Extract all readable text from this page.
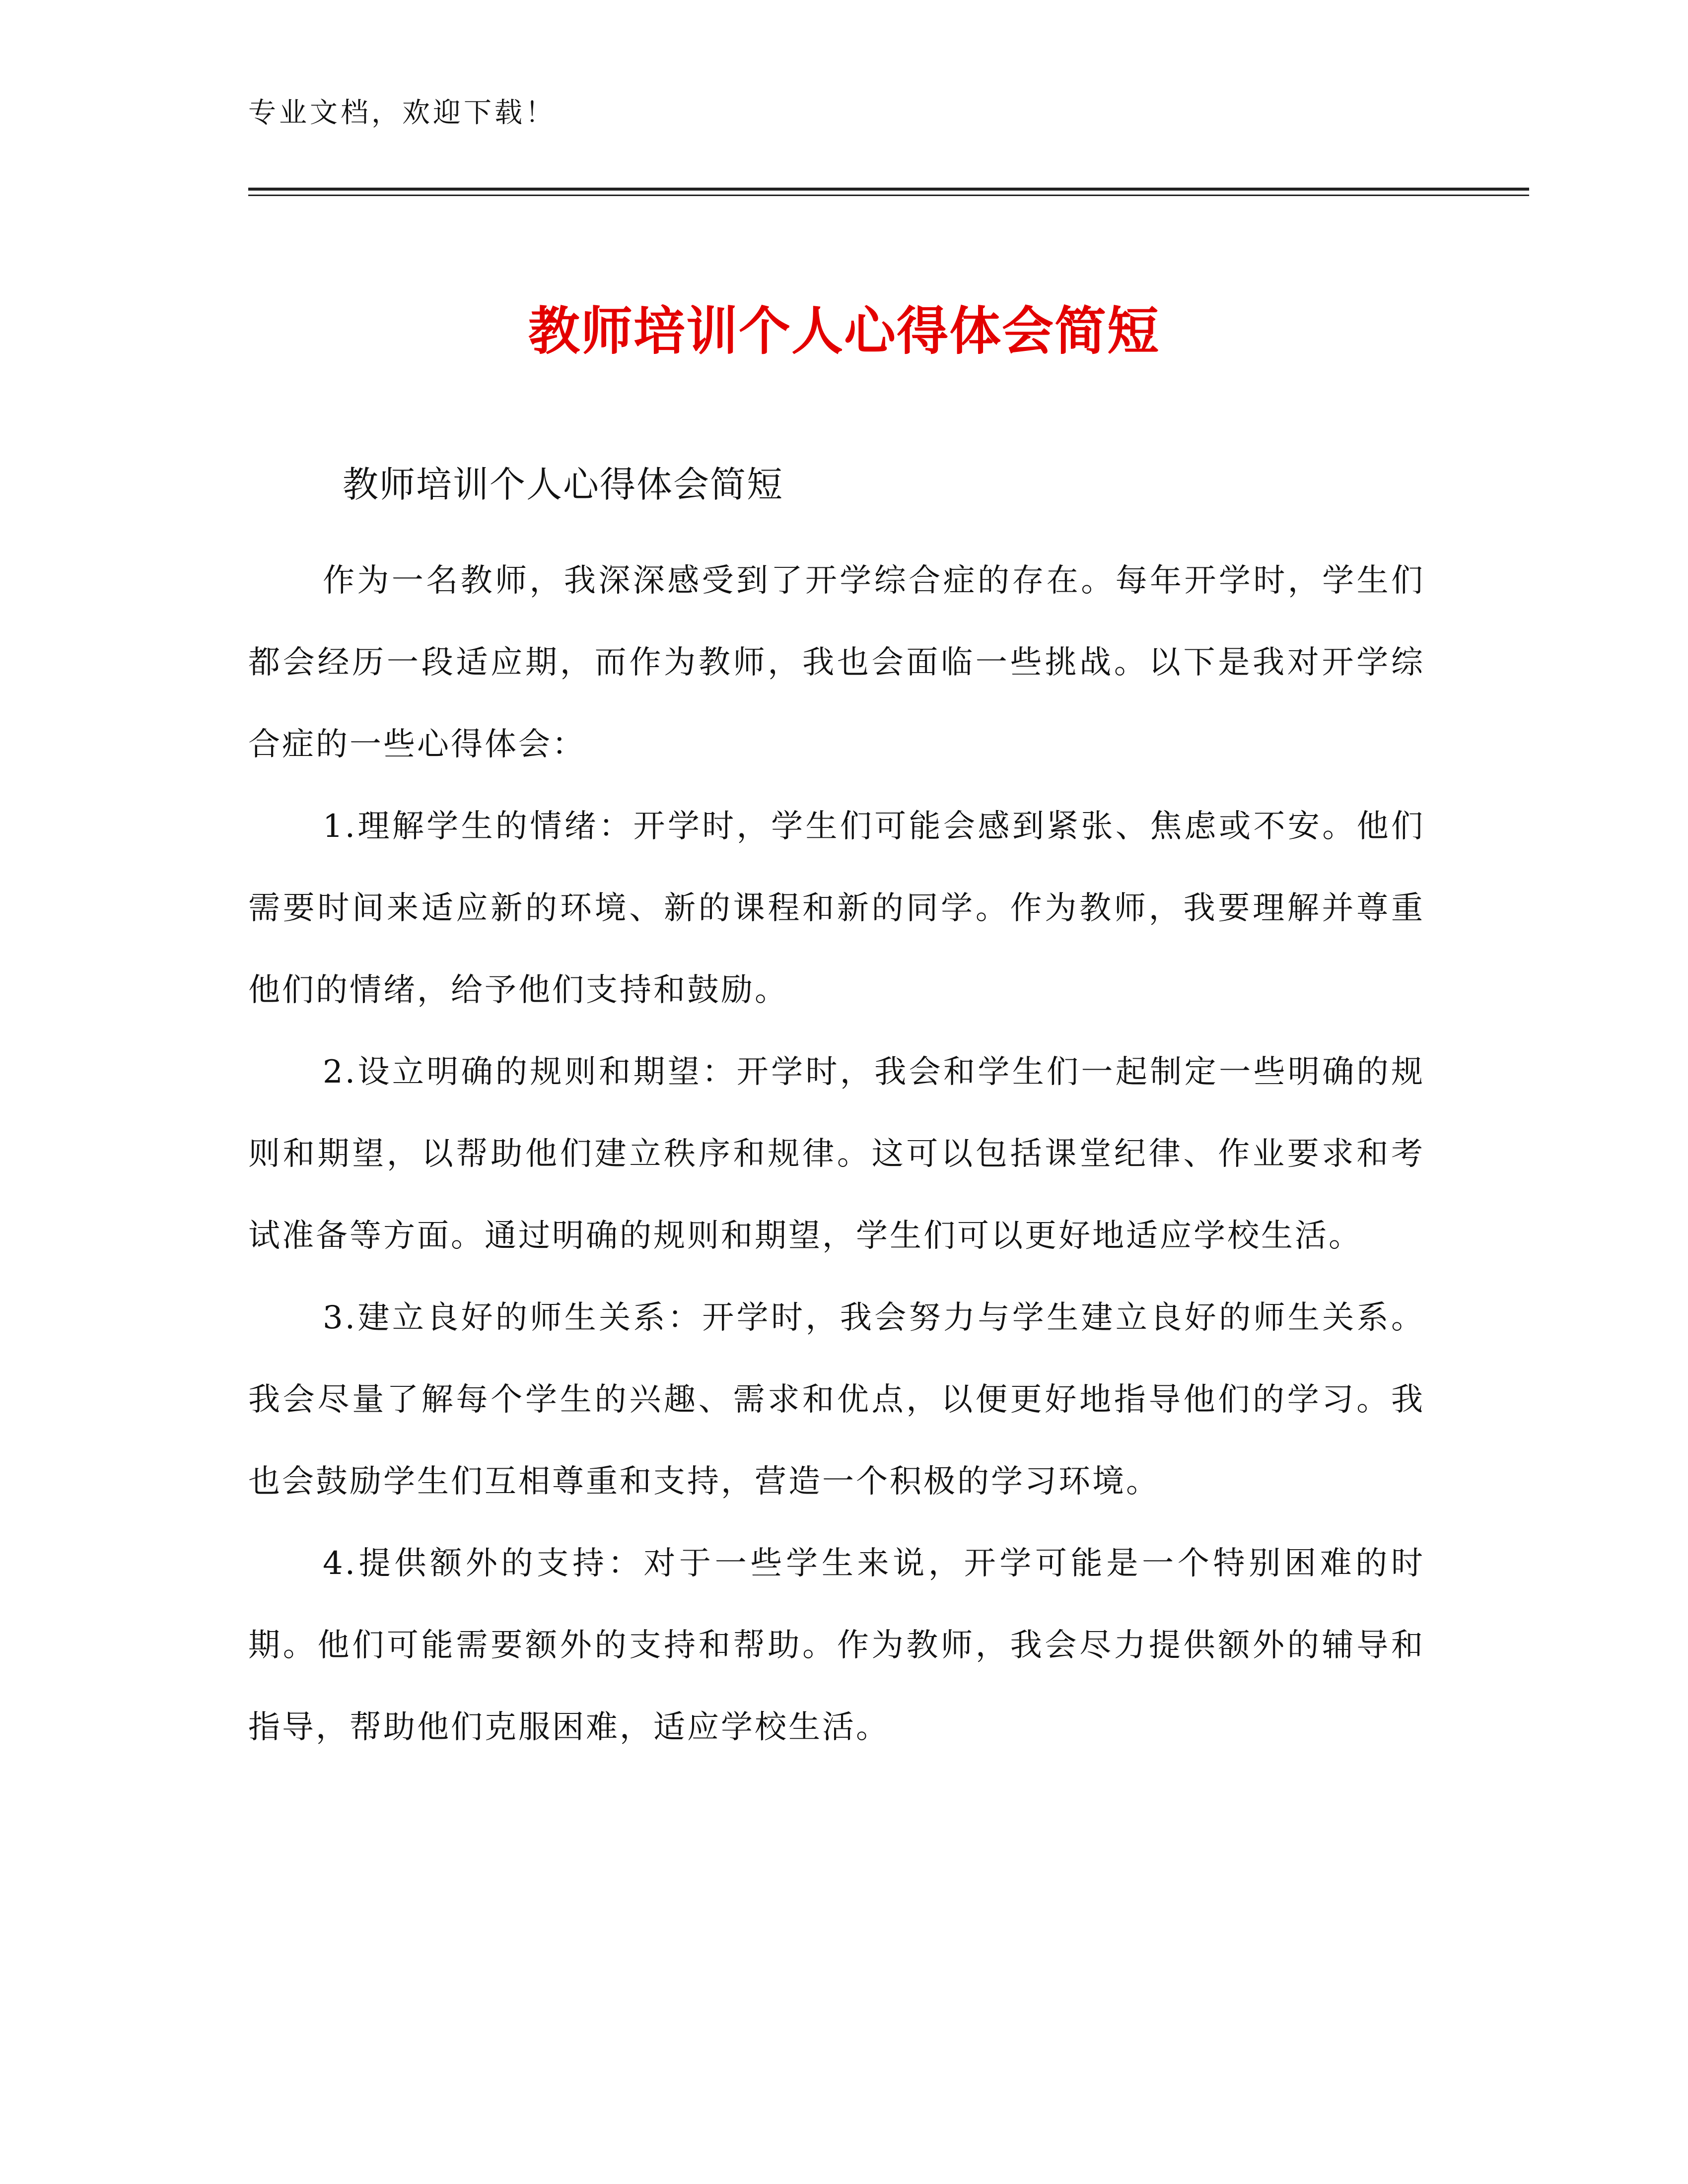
专业文档，欢迎下载！
教师培训个人心得体会简短
教师培训个人心得体会简短

作为一名教师，我深深感受到了开学综合症的存在。每年开学时，学生们都会经历一段适应期，而作为教师，我也会面临一些挑战。以下是我对开学综合症的一些心得体会：

1.理解学生的情绪：开学时，学生们可能会感到紧张、焦虑或不安。他们需要时间来适应新的环境、新的课程和新的同学。作为教师，我要理解并尊重他们的情绪，给予他们支持和鼓励。

2.设立明确的规则和期望：开学时，我会和学生们一起制定一些明确的规则和期望，以帮助他们建立秩序和规律。这可以包括课堂纪律、作业要求和考试准备等方面。通过明确的规则和期望，学生们可以更好地适应学校生活。

3.建立良好的师生关系：开学时，我会努力与学生建立良好的师生关系。我会尽量了解每个学生的兴趣、需求和优点，以便更好地指导他们的学习。我也会鼓励学生们互相尊重和支持，营造一个积极的学习环境。

4.提供额外的支持：对于一些学生来说，开学可能是一个特别困难的时期。他们可能需要额外的支持和帮助。作为教师，我会尽力提供额外的辅导和指导，帮助他们克服困难，适应学校生活。
